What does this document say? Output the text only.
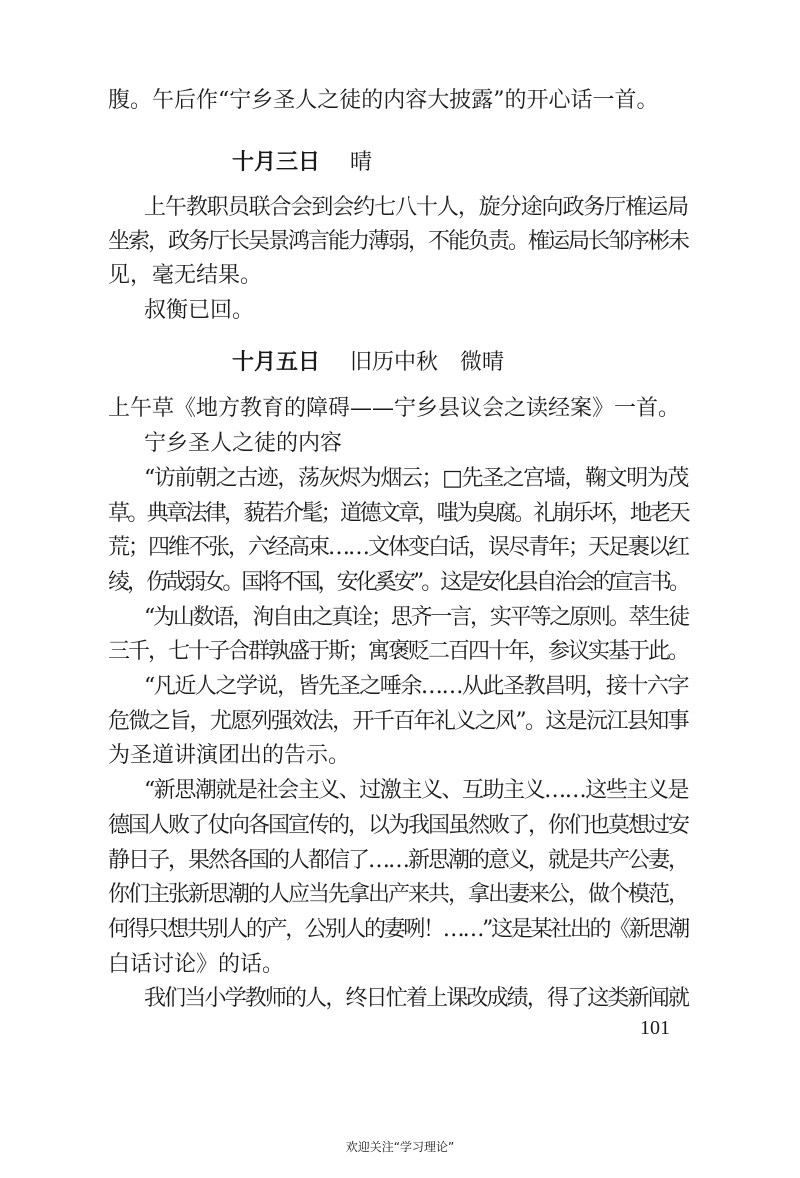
腹。午后作“宁乡圣人之徒的内容大披露”的开心话一首。
十月三日 晴
上午教职员联合会到会约七八十人，旋分途向政务厅榷运局
坐索，政务厅长吴景鸿言能力薄弱，不能负责。榷运局长邹序彬未
见，毫无结果。
叔衡已回。
十月五日 旧历中秋　微晴
上午草《地方教育的障碍——宁乡县议会之读经案》一首。
宁乡圣人之徒的内容
“访前朝之古迹，荡灰烬为烟云；□先圣之宫墙，鞠文明为茂
草。典章法律，藐若介髦；道德文章，嗤为臭腐。礼崩乐坏，地老天
荒；四维不张，六经高束……文体变白话，误尽青年；天足裹以红
绫，伤哉弱女。国将不国，安化奚安”。这是安化县自治会的宣言书。
“为山数语，洵自由之真诠；思齐一言，实平等之原则。萃生徒
三千，七十子合群孰盛于斯；寓褒贬二百四十年，参议实基于此。
“凡近人之学说，皆先圣之唾余……从此圣教昌明，接十六字
危微之旨，尤愿列强效法，开千百年礼义之风”。这是沅江县知事
为圣道讲演团出的告示。
“新思潮就是社会主义、过激主义、互助主义……这些主义是
德国人败了仗向各国宣传的，以为我国虽然败了，你们也莫想过安
静日子，果然各国的人都信了……新思潮的意义，就是共产公妻，
你们主张新思潮的人应当先拿出产来共，拿出妻来公，做个模范，
何得只想共别人的产，公别人的妻咧！……”这是某社出的《新思潮
白话讨论》的话。
我们当小学教师的人，终日忙着上课改成绩，得了这类新闻就
101
欢迎关注“学习理论”
